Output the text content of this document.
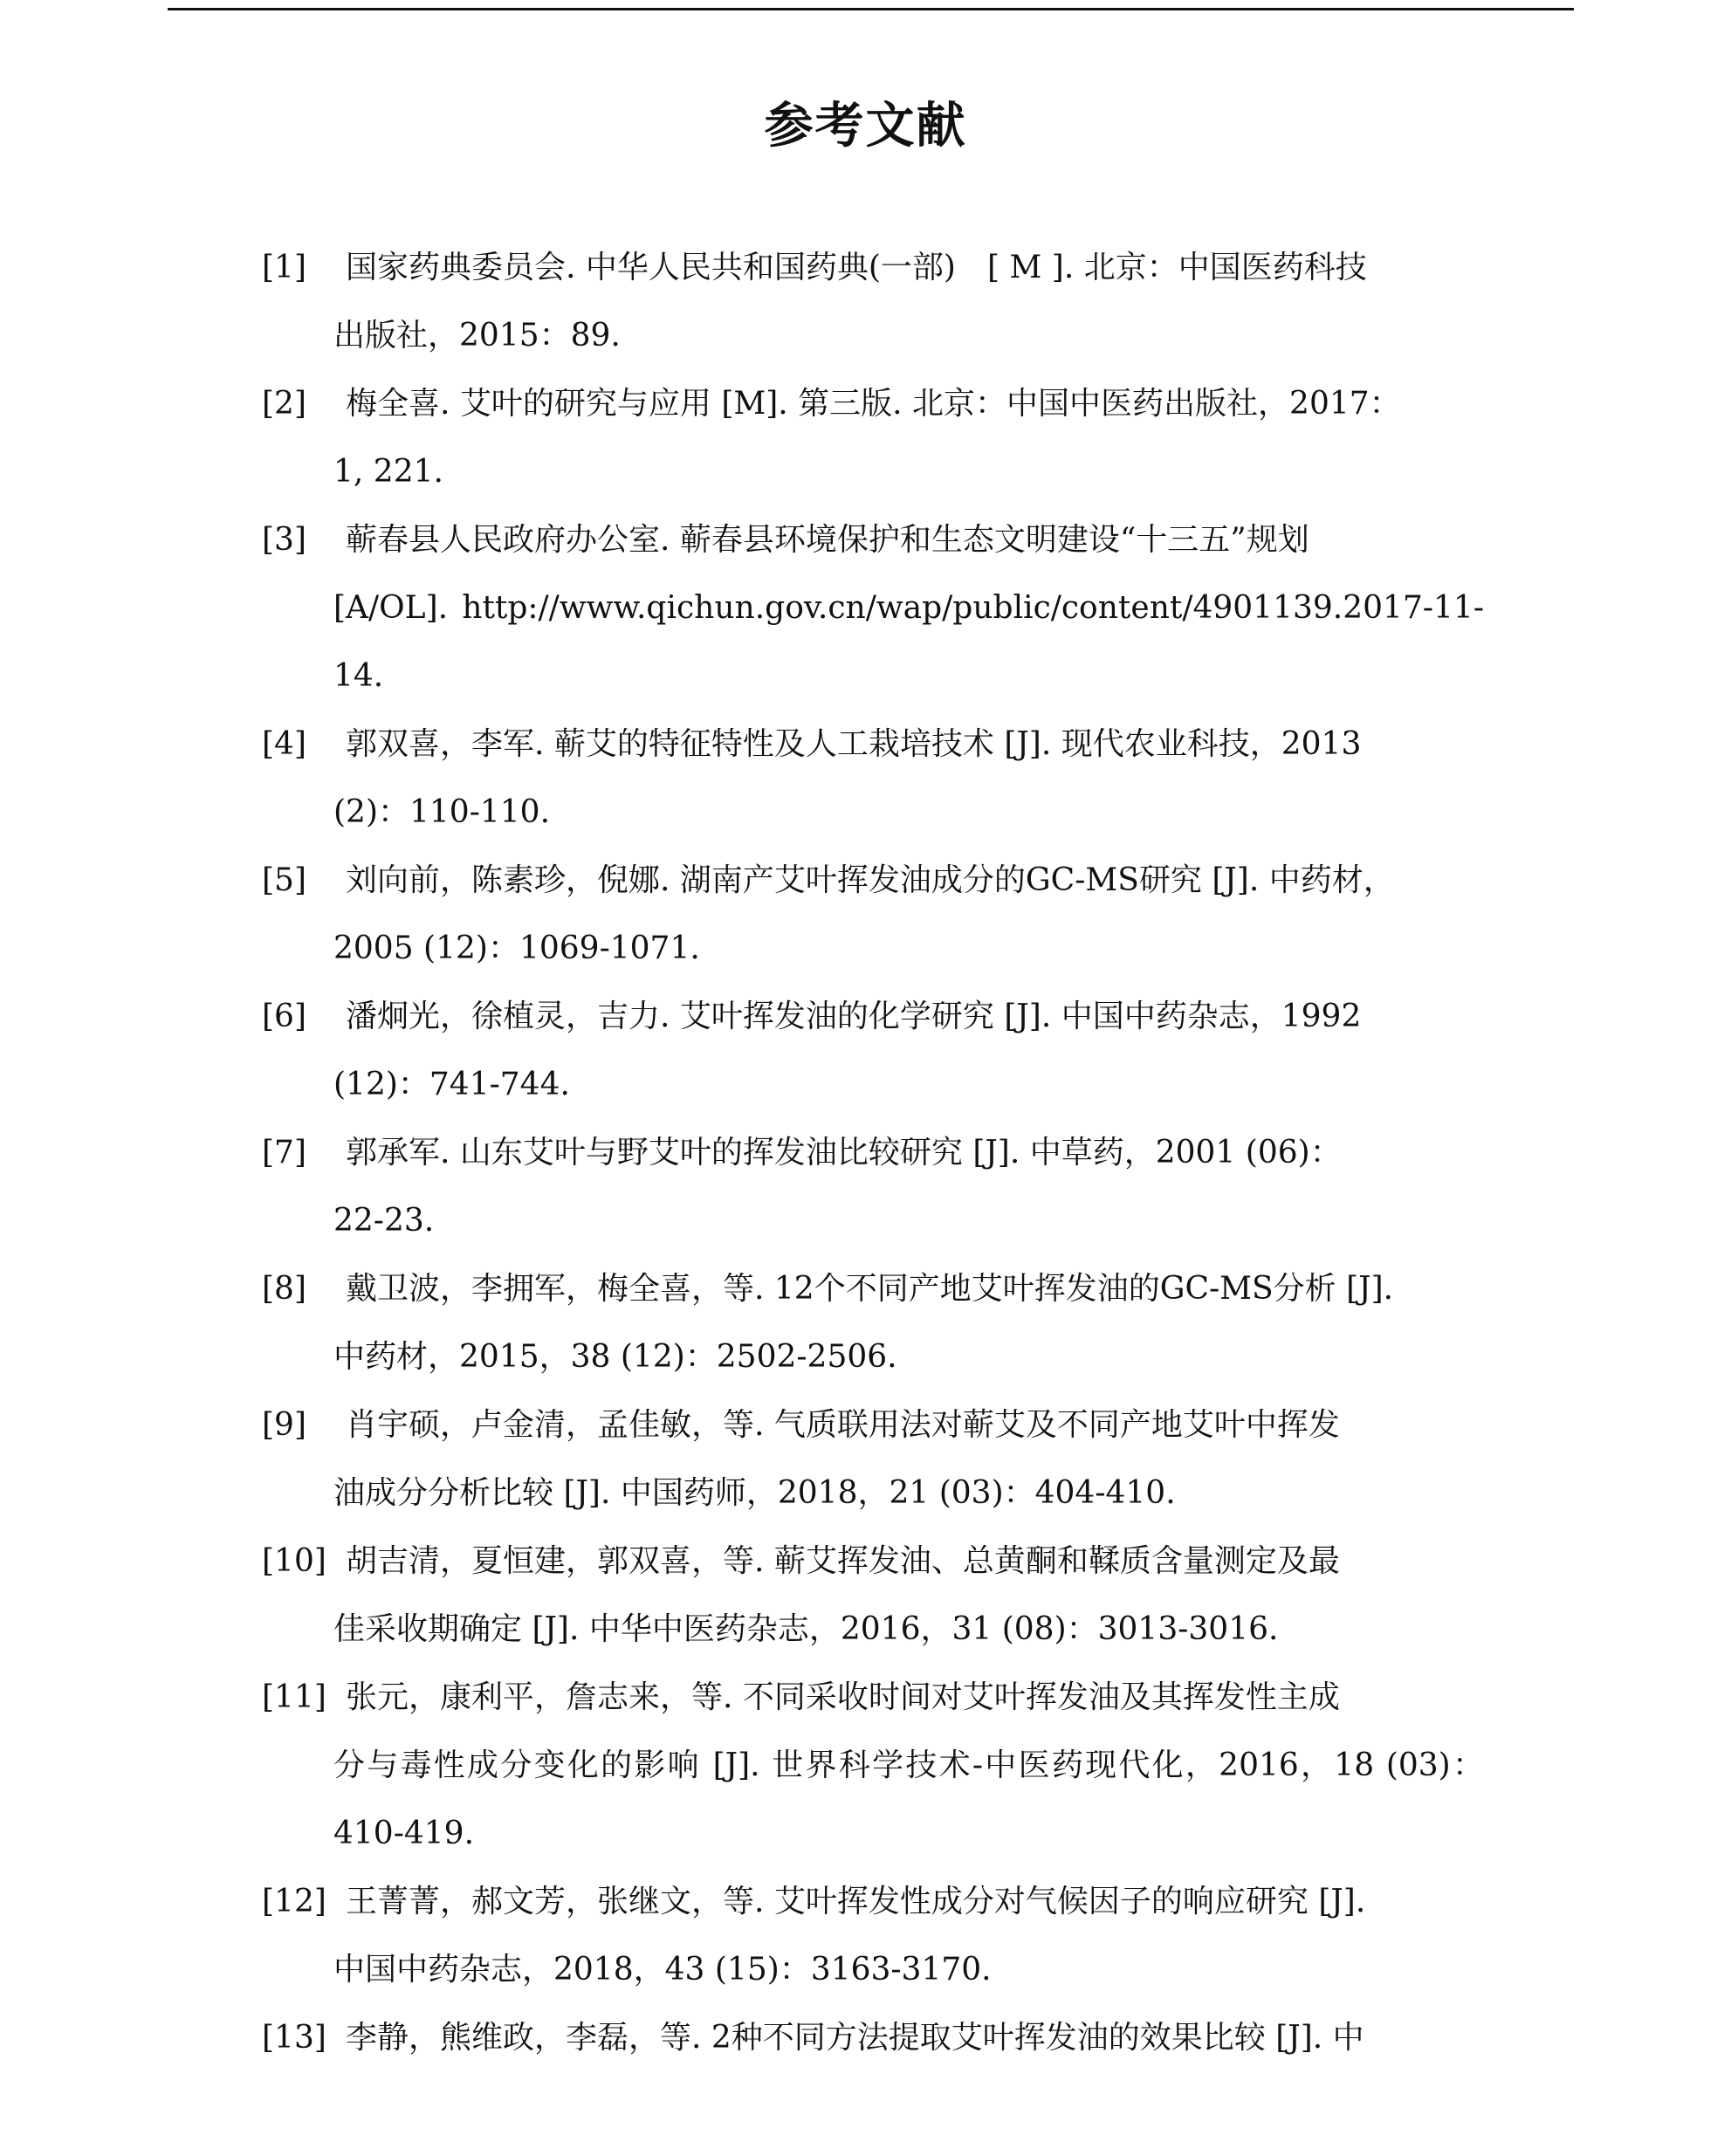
参考文献
[1] 国家药典委员会. 中华人民共和国药典(一部)　[ M ]. 北京：中国医药科技
出版社，2015：89.
[2] 梅全喜. 艾叶的研究与应用 [M]. 第三版. 北京：中国中医药出版社，2017：
1, 221.
[3] 蕲春县人民政府办公室. 蕲春县环境保护和生态文明建设“十三五”规划
[A/OL]. http://www.qichun.gov.cn/wap/public/content/4901139.2017-11-14.
[4] 郭双喜，李军. 蕲艾的特征特性及人工栽培技术 [J]. 现代农业科技，2013
(2)：110-110.
[5] 刘向前，陈素珍，倪娜. 湖南产艾叶挥发油成分的GC-MS研究 [J]. 中药材，
2005 (12)：1069-1071.
[6] 潘炯光，徐植灵，吉力. 艾叶挥发油的化学研究 [J]. 中国中药杂志，1992
(12)：741-744.
[7] 郭承军. 山东艾叶与野艾叶的挥发油比较研究 [J]. 中草药，2001 (06)：
22-23.
[8] 戴卫波，李拥军，梅全喜，等. 12个不同产地艾叶挥发油的GC-MS分析 [J].
中药材，2015，38 (12)：2502-2506.
[9] 肖宇硕，卢金清，孟佳敏，等. 气质联用法对蕲艾及不同产地艾叶中挥发
油成分分析比较 [J]. 中国药师，2018，21 (03)：404-410.
[10] 胡吉清，夏恒建，郭双喜，等. 蕲艾挥发油、总黄酮和鞣质含量测定及最
佳采收期确定 [J]. 中华中医药杂志，2016，31 (08)：3013-3016.
[11] 张元，康利平，詹志来，等. 不同采收时间对艾叶挥发油及其挥发性主成
分与毒性成分变化的影响 [J]. 世界科学技术-中医药现代化，2016，18 (03)：410-419.
[12] 王菁菁，郝文芳，张继文，等. 艾叶挥发性成分对气候因子的响应研究 [J].
中国中药杂志，2018，43 (15)：3163-3170.
[13] 李静，熊维政，李磊，等. 2种不同方法提取艾叶挥发油的效果比较 [J]. 中
